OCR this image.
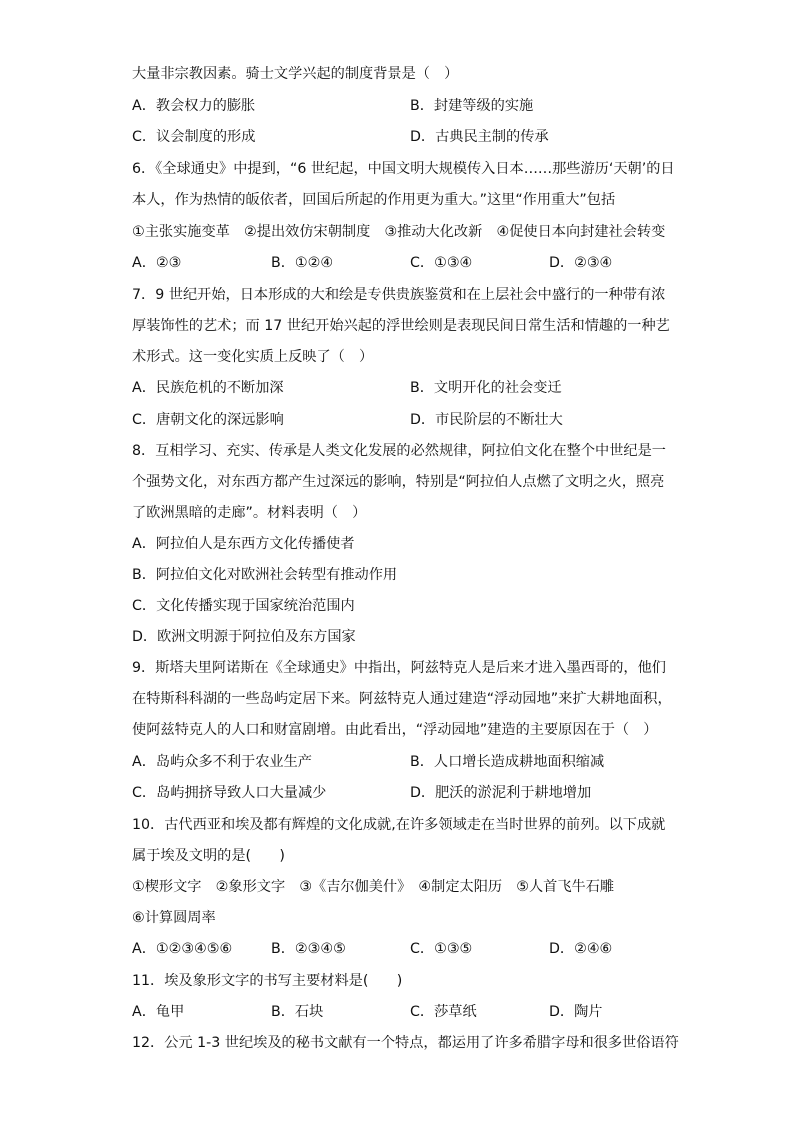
大量非宗教因素。骑士文学兴起的制度背景是（　）
A．教会权力的膨胀	B．封建等级的实施
C．议会制度的形成	D．古典民主制的传承
6．《全球通史》中提到，“6 世纪起，中国文明大规模传入日本……那些游历‘天朝’的日
本人，作为热情的皈依者，回国后所起的作用更为重大。”这里“作用重大”包括
①主张实施变革　②提出效仿宋朝制度　③推动大化改新　④促使日本向封建社会转变
A．②③	B．①②④	C．①③④	D．②③④
7．9 世纪开始，日本形成的大和绘是专供贵族鉴赏和在上层社会中盛行的一种带有浓
厚装饰性的艺术；而 17 世纪开始兴起的浮世绘则是表现民间日常生活和情趣的一种艺
术形式。这一变化实质上反映了（　）
A．民族危机的不断加深	B．文明开化的社会变迁
C．唐朝文化的深远影响	D．市民阶层的不断壮大
8．互相学习、充实、传承是人类文化发展的必然规律，阿拉伯文化在整个中世纪是一
个强势文化，对东西方都产生过深远的影响，特别是“阿拉伯人点燃了文明之火，照亮
了欧洲黑暗的走廊”。材料表明（　）
A．阿拉伯人是东西方文化传播使者
B．阿拉伯文化对欧洲社会转型有推动作用
C．文化传播实现于国家统治范围内
D．欧洲文明源于阿拉伯及东方国家
9．斯塔夫里阿诺斯在《全球通史》中指出，阿兹特克人是后来才进入墨西哥的，他们
在特斯科科湖的一些岛屿定居下来。阿兹特克人通过建造“浮动园地”来扩大耕地面积，
使阿兹特克人的人口和财富剧增。由此看出，“浮动园地”建造的主要原因在于（　）
A．岛屿众多不利于农业生产	B．人口增长造成耕地面积缩减
C．岛屿拥挤导致人口大量减少	D．肥沃的淤泥利于耕地增加
10．古代西亚和埃及都有辉煌的文化成就,在许多领域走在当时世界的前列。以下成就
属于埃及文明的是(　　)
①楔形文字　②象形文字　③《吉尔伽美什》　④制定太阳历　⑤人首飞牛石雕
⑥计算圆周率
A．①②③④⑤⑥	B．②③④⑤	C．①③⑤	D．②④⑥
11．埃及象形文字的书写主要材料是(　　)
A．龟甲	B．石块	C．莎草纸	D．陶片
12．公元 1-3 世纪埃及的秘书文献有一个特点，都运用了许多希腊字母和很多世俗语符
